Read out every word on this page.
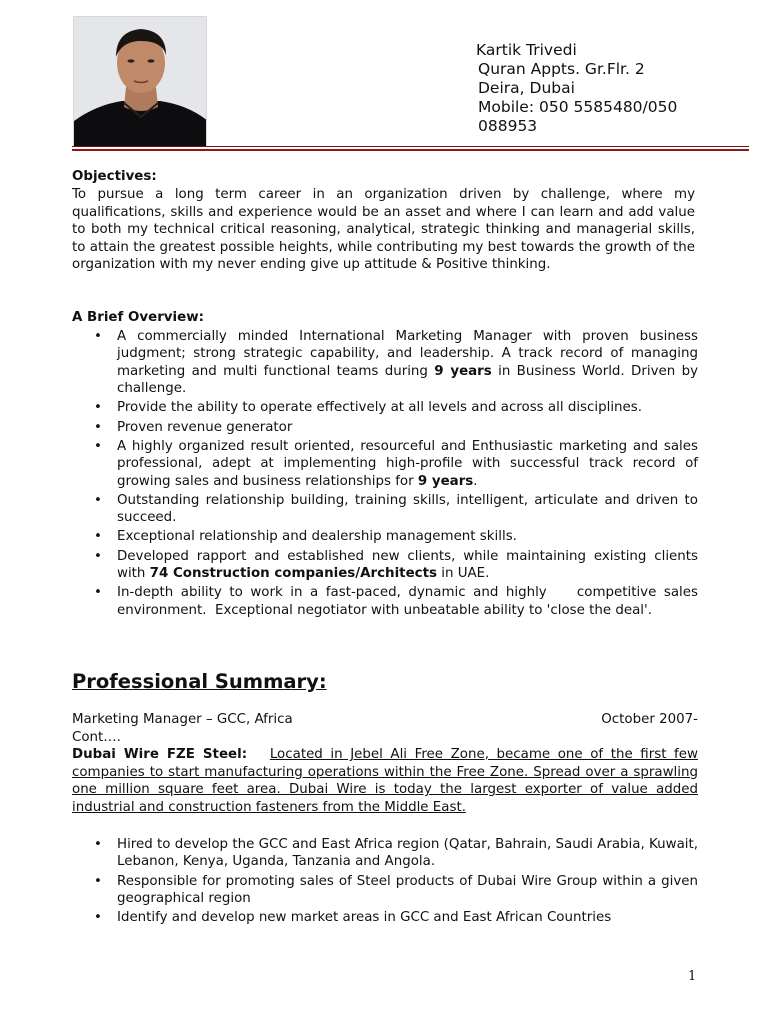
Kartik Trivedi
Quran Appts. Gr.Flr. 2
Deira, Dubai
Mobile: 050 5585480/050
088953
Objectives:
To pursue a long term career in an organization driven by challenge, where my qualifications, skills and experience would be an asset and where I can learn and add value to both my technical critical reasoning, analytical, strategic thinking and managerial skills, to attain the greatest possible heights, while contributing my best towards the growth of the organization with my never ending give up attitude & Positive thinking.
A Brief Overview:
• A commercially minded International Marketing Manager with proven business judgment; strong strategic capability, and leadership. A track record of managing marketing and multi functional teams during 9 years in Business World. Driven by challenge.
• Provide the ability to operate effectively at all levels and across all disciplines.
• Proven revenue generator
• A highly organized result oriented, resourceful and Enthusiastic marketing and sales professional, adept at implementing high-profile with successful track record of growing sales and business relationships for 9 years.
• Outstanding relationship building, training skills, intelligent, articulate and driven to succeed.
• Exceptional relationship and dealership management skills.
• Developed rapport and established new clients, while maintaining existing clients with 74 Construction companies/Architects in UAE.
• In-depth ability to work in a fast-paced, dynamic and highly    competitive sales environment.  Exceptional negotiator with unbeatable ability to 'close the deal'.
Professional Summary:
Marketing Manager – GCC, Africa	October 2007-
Cont….
Dubai Wire FZE Steel: Located in Jebel Ali Free Zone, became one of the first few companies to start manufacturing operations within the Free Zone. Spread over a sprawling one million square feet area. Dubai Wire is today the largest exporter of value added industrial and construction fasteners from the Middle East.
• Hired to develop the GCC and East Africa region (Qatar, Bahrain, Saudi Arabia, Kuwait, Lebanon, Kenya, Uganda, Tanzania and Angola.
• Responsible for promoting sales of Steel products of Dubai Wire Group within a given geographical region
• Identify and develop new market areas in GCC and East African Countries
1
